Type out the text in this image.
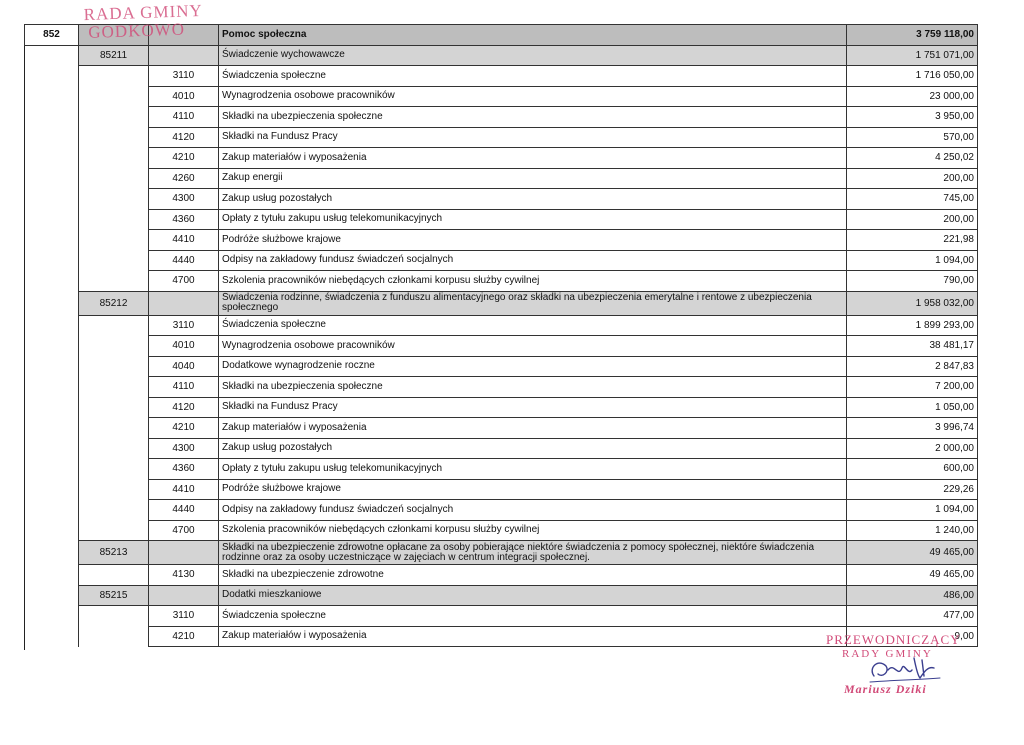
852			Pomoc społeczna	3 759 118,00
	85211		Świadczenie wychowawcze	1 751 071,00
		3110	Świadczenia społeczne	1 716 050,00
		4010	Wynagrodzenia osobowe pracowników	23 000,00
		4110	Składki na ubezpieczenia społeczne	3 950,00
		4120	Składki na Fundusz Pracy	570,00
		4210	Zakup materiałów i wyposażenia	4 250,02
		4260	Zakup energii	200,00
		4300	Zakup usług pozostałych	745,00
		4360	Opłaty z tytułu zakupu usług telekomunikacyjnych	200,00
		4410	Podróże służbowe krajowe	221,98
		4440	Odpisy na zakładowy fundusz świadczeń socjalnych	1 094,00
		4700	Szkolenia pracowników niebędących członkami korpusu służby cywilnej	790,00
	85212		Świadczenia rodzinne, świadczenia z funduszu alimentacyjnego oraz składki na ubezpieczenia emerytalne i rentowe z ubezpieczenia społecznego	1 958 032,00
		3110	Świadczenia społeczne	1 899 293,00
		4010	Wynagrodzenia osobowe pracowników	38 481,17
		4040	Dodatkowe wynagrodzenie roczne	2 847,83
		4110	Składki na ubezpieczenia społeczne	7 200,00
		4120	Składki na Fundusz Pracy	1 050,00
		4210	Zakup materiałów i wyposażenia	3 996,74
		4300	Zakup usług pozostałych	2 000,00
		4360	Opłaty z tytułu zakupu usług telekomunikacyjnych	600,00
		4410	Podróże służbowe krajowe	229,26
		4440	Odpisy na zakładowy fundusz świadczeń socjalnych	1 094,00
		4700	Szkolenia pracowników niebędących członkami korpusu służby cywilnej	1 240,00
	85213		Składki na ubezpieczenie zdrowotne opłacane za osoby pobierające niektóre świadczenia z pomocy społecznej, niektóre świadczenia rodzinne oraz za osoby uczestniczące w zajęciach w centrum integracji społecznej.	49 465,00
		4130	Składki na ubezpieczenie zdrowotne	49 465,00
	85215		Dodatki mieszkaniowe	486,00
		3110	Świadczenia społeczne	477,00
		4210	Zakup materiałów i wyposażenia	9,00
RADA GMINY
GODKOWO
PRZEWODNICZĄCY
RADY GMINY
Mariusz Dziki
